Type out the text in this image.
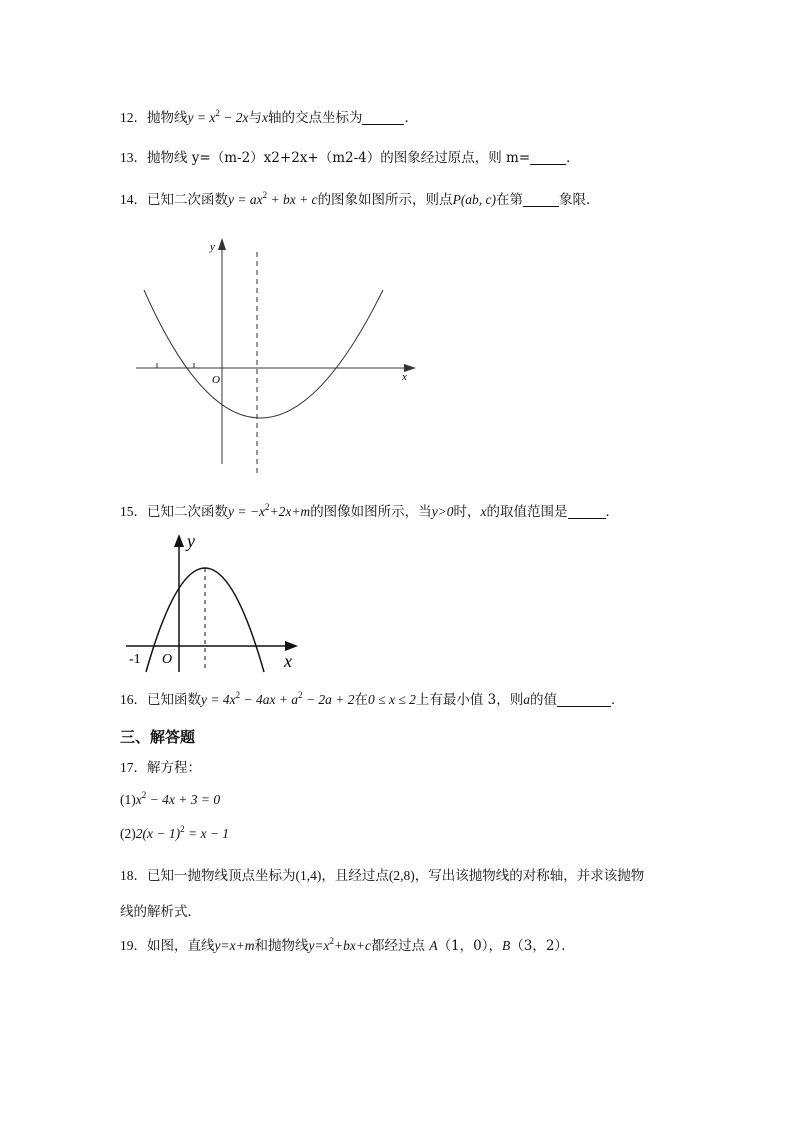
12．抛物线$y = x^2 - 2x$与x轴的交点坐标为	．
13．抛物线 y=（m-2）x2+2x+（m2-4）的图象经过原点，则 m=	．
14．已知二次函数$y = ax^2$ + bx + c的图象如图所示，则点P(ab, c)在第	象限．
y
x
O
15．已知二次函数$y = -x^2+2x+m$的图像如图所示，当y>0时，x的取值范围是	．
y
x
O
-1
16．已知函数$y = 4x^2 - 4ax + a^2 - 2a + 2$在0 ≤ x ≤ 2上有最小值 3，则a的值	．
三、解答题
17．解方程：
$(1)x^2 - 4x + 3 = 0$
$(2)2(x - 1)^2 = x - 1$
18．已知一抛物线顶点坐标为(1,4)，且经过点(2,8)，写出该抛物线的对称轴，并求该抛物
线的解析式．
19．如图，直线y=x+m和抛物线$y=x^2+bx+c$都经过点 A（1，0），B（3，2）．
